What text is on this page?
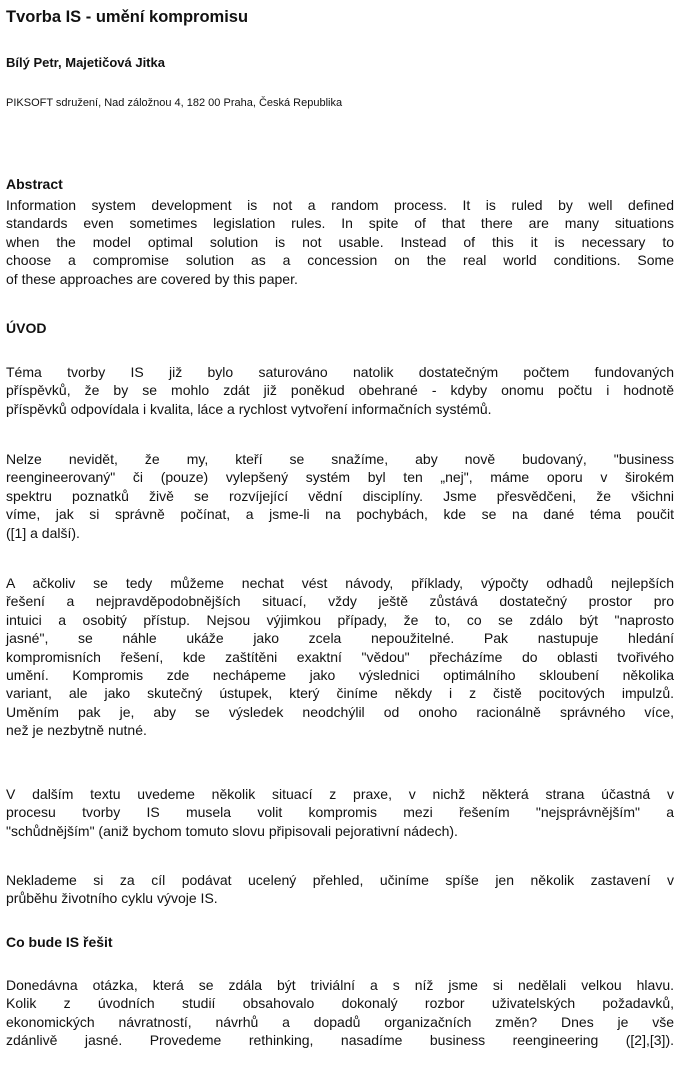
Tvorba IS - umění kompromisu
Bílý Petr, Majetičová Jitka
PIKSOFT sdružení, Nad záložnou 4, 182 00 Praha, Česká Republika
Abstract
Information system development is not a random process. It is ruled by well defined
standards even sometimes legislation rules. In spite of that there are many situations
when the model optimal solution is not usable. Instead of this it is necessary to
choose a compromise solution as a concession on the real world conditions. Some
of these approaches are covered by this paper.
ÚVOD
Téma tvorby IS již bylo saturováno natolik dostatečným počtem fundovaných
příspěvků, že by se mohlo zdát již poněkud obehrané - kdyby onomu počtu i hodnotě
příspěvků odpovídala i kvalita, láce a rychlost vytvoření informačních systémů.
Nelze nevidět, že my, kteří se snažíme, aby nově budovaný, "business
reengineerovaný" či (pouze) vylepšený systém byl ten „nej", máme oporu v širokém
spektru poznatků živě se rozvíjející vědní disciplíny. Jsme přesvědčeni, že všichni
víme, jak si správně počínat, a jsme-li na pochybách, kde se na dané téma poučit
([1] a další).
A ačkoliv se tedy můžeme nechat vést návody, příklady, výpočty odhadů nejlepších
řešení a nejpravděpodobnějších situací, vždy ještě zůstává dostatečný prostor pro
intuici a osobitý přístup. Nejsou výjimkou případy, že to, co se zdálo být "naprosto
jasné", se náhle ukáže jako zcela nepoužitelné. Pak nastupuje hledání
kompromisních řešení, kde zaštítěni exaktní "vědou" přecházíme do oblasti tvořivého
umění. Kompromis zde nechápeme jako výslednici optimálního skloubení několika
variant, ale jako skutečný ústupek, který činíme někdy i z čistě pocitových impulzů.
Uměním pak je, aby se výsledek neodchýlil od onoho racionálně správného více,
než je nezbytně nutné.
V dalším textu uvedeme několik situací z praxe, v nichž některá strana účastná v
procesu tvorby IS musela volit kompromis mezi řešením "nejsprávnějším" a
"schůdnějším" (aniž bychom tomuto slovu připisovali pejorativní nádech).
Neklademe si za cíl podávat ucelený přehled, učiníme spíše jen několik zastavení v
průběhu životního cyklu vývoje IS.
Co bude IS řešit
Donedávna otázka, která se zdála být triviální a s níž jsme si nedělali velkou hlavu.
Kolik z úvodních studií obsahovalo dokonalý rozbor uživatelských požadavků,
ekonomických návratností, návrhů a dopadů organizačních změn? Dnes je vše
zdánlivě jasné. Provedeme rethinking, nasadíme business reengineering ([2],[3]).
